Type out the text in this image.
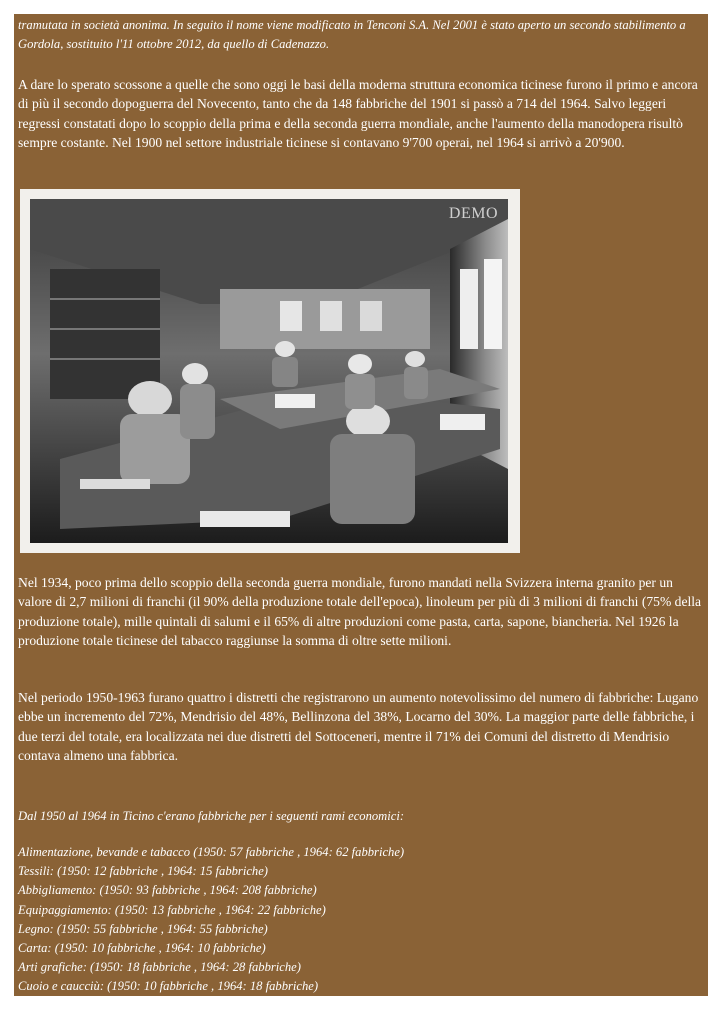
tramutata in società anonima. In seguito il nome viene modificato in Tenconi S.A. Nel 2001 è stato aperto un secondo stabilimento a Gordola, sostituito l'11 ottobre 2012, da quello di Cadenazzo.

A dare lo sperato scossone a quelle che sono oggi le basi della moderna struttura economica ticinese furono il primo e ancora di più il secondo dopoguerra del Novecento, tanto che da 148 fabbriche del 1901 si passò a 714 del 1964. Salvo leggeri regressi constatati dopo lo scoppio della prima e della seconda guerra mondiale, anche l'aumento della manodopera risultò sempre costante. Nel 1900 nel settore industriale ticinese si contavano 9'700 operai, nel 1964 si arrivò a 20'900.

DEMO

Nel 1934, poco prima dello scoppio della seconda guerra mondiale, furono mandati nella Svizzera interna granito per un valore di 2,7 milioni di franchi (il 90% della produzione totale dell'epoca), linoleum per più di 3 milioni di franchi (75% della produzione totale), mille quintali di salumi e il 65% di altre produzioni come pasta, carta, sapone, biancheria. Nel 1926 la produzione totale ticinese del tabacco raggiunse la somma di oltre sette milioni.

Nel periodo 1950-1963 furano quattro i distretti che registrarono un aumento notevolissimo del numero di fabbriche: Lugano ebbe un incremento del 72%, Mendrisio del 48%, Bellinzona del 38%, Locarno del 30%. La maggior parte delle fabbriche, i due terzi del totale, era localizzata nei due distretti del Sottoceneri, mentre il 71% dei Comuni del distretto di Mendrisio contava almeno una fabbrica.

Dal 1950 al 1964 in Ticino c'erano fabbriche per i seguenti rami economici:
Alimentazione, bevande e tabacco (1950: 57 fabbriche , 1964: 62 fabbriche)
Tessili: (1950: 12 fabbriche , 1964: 15 fabbriche)
Abbigliamento: (1950: 93 fabbriche , 1964: 208 fabbriche)
Equipaggiamento: (1950: 13 fabbriche , 1964: 22 fabbriche)
Legno: (1950: 55 fabbriche , 1964: 55 fabbriche)
Carta: (1950: 10 fabbriche , 1964: 10 fabbriche)
Arti grafiche: (1950: 18 fabbriche , 1964: 28 fabbriche)
Cuoio e caucciù: (1950: 10 fabbriche , 1964: 18 fabbriche)
